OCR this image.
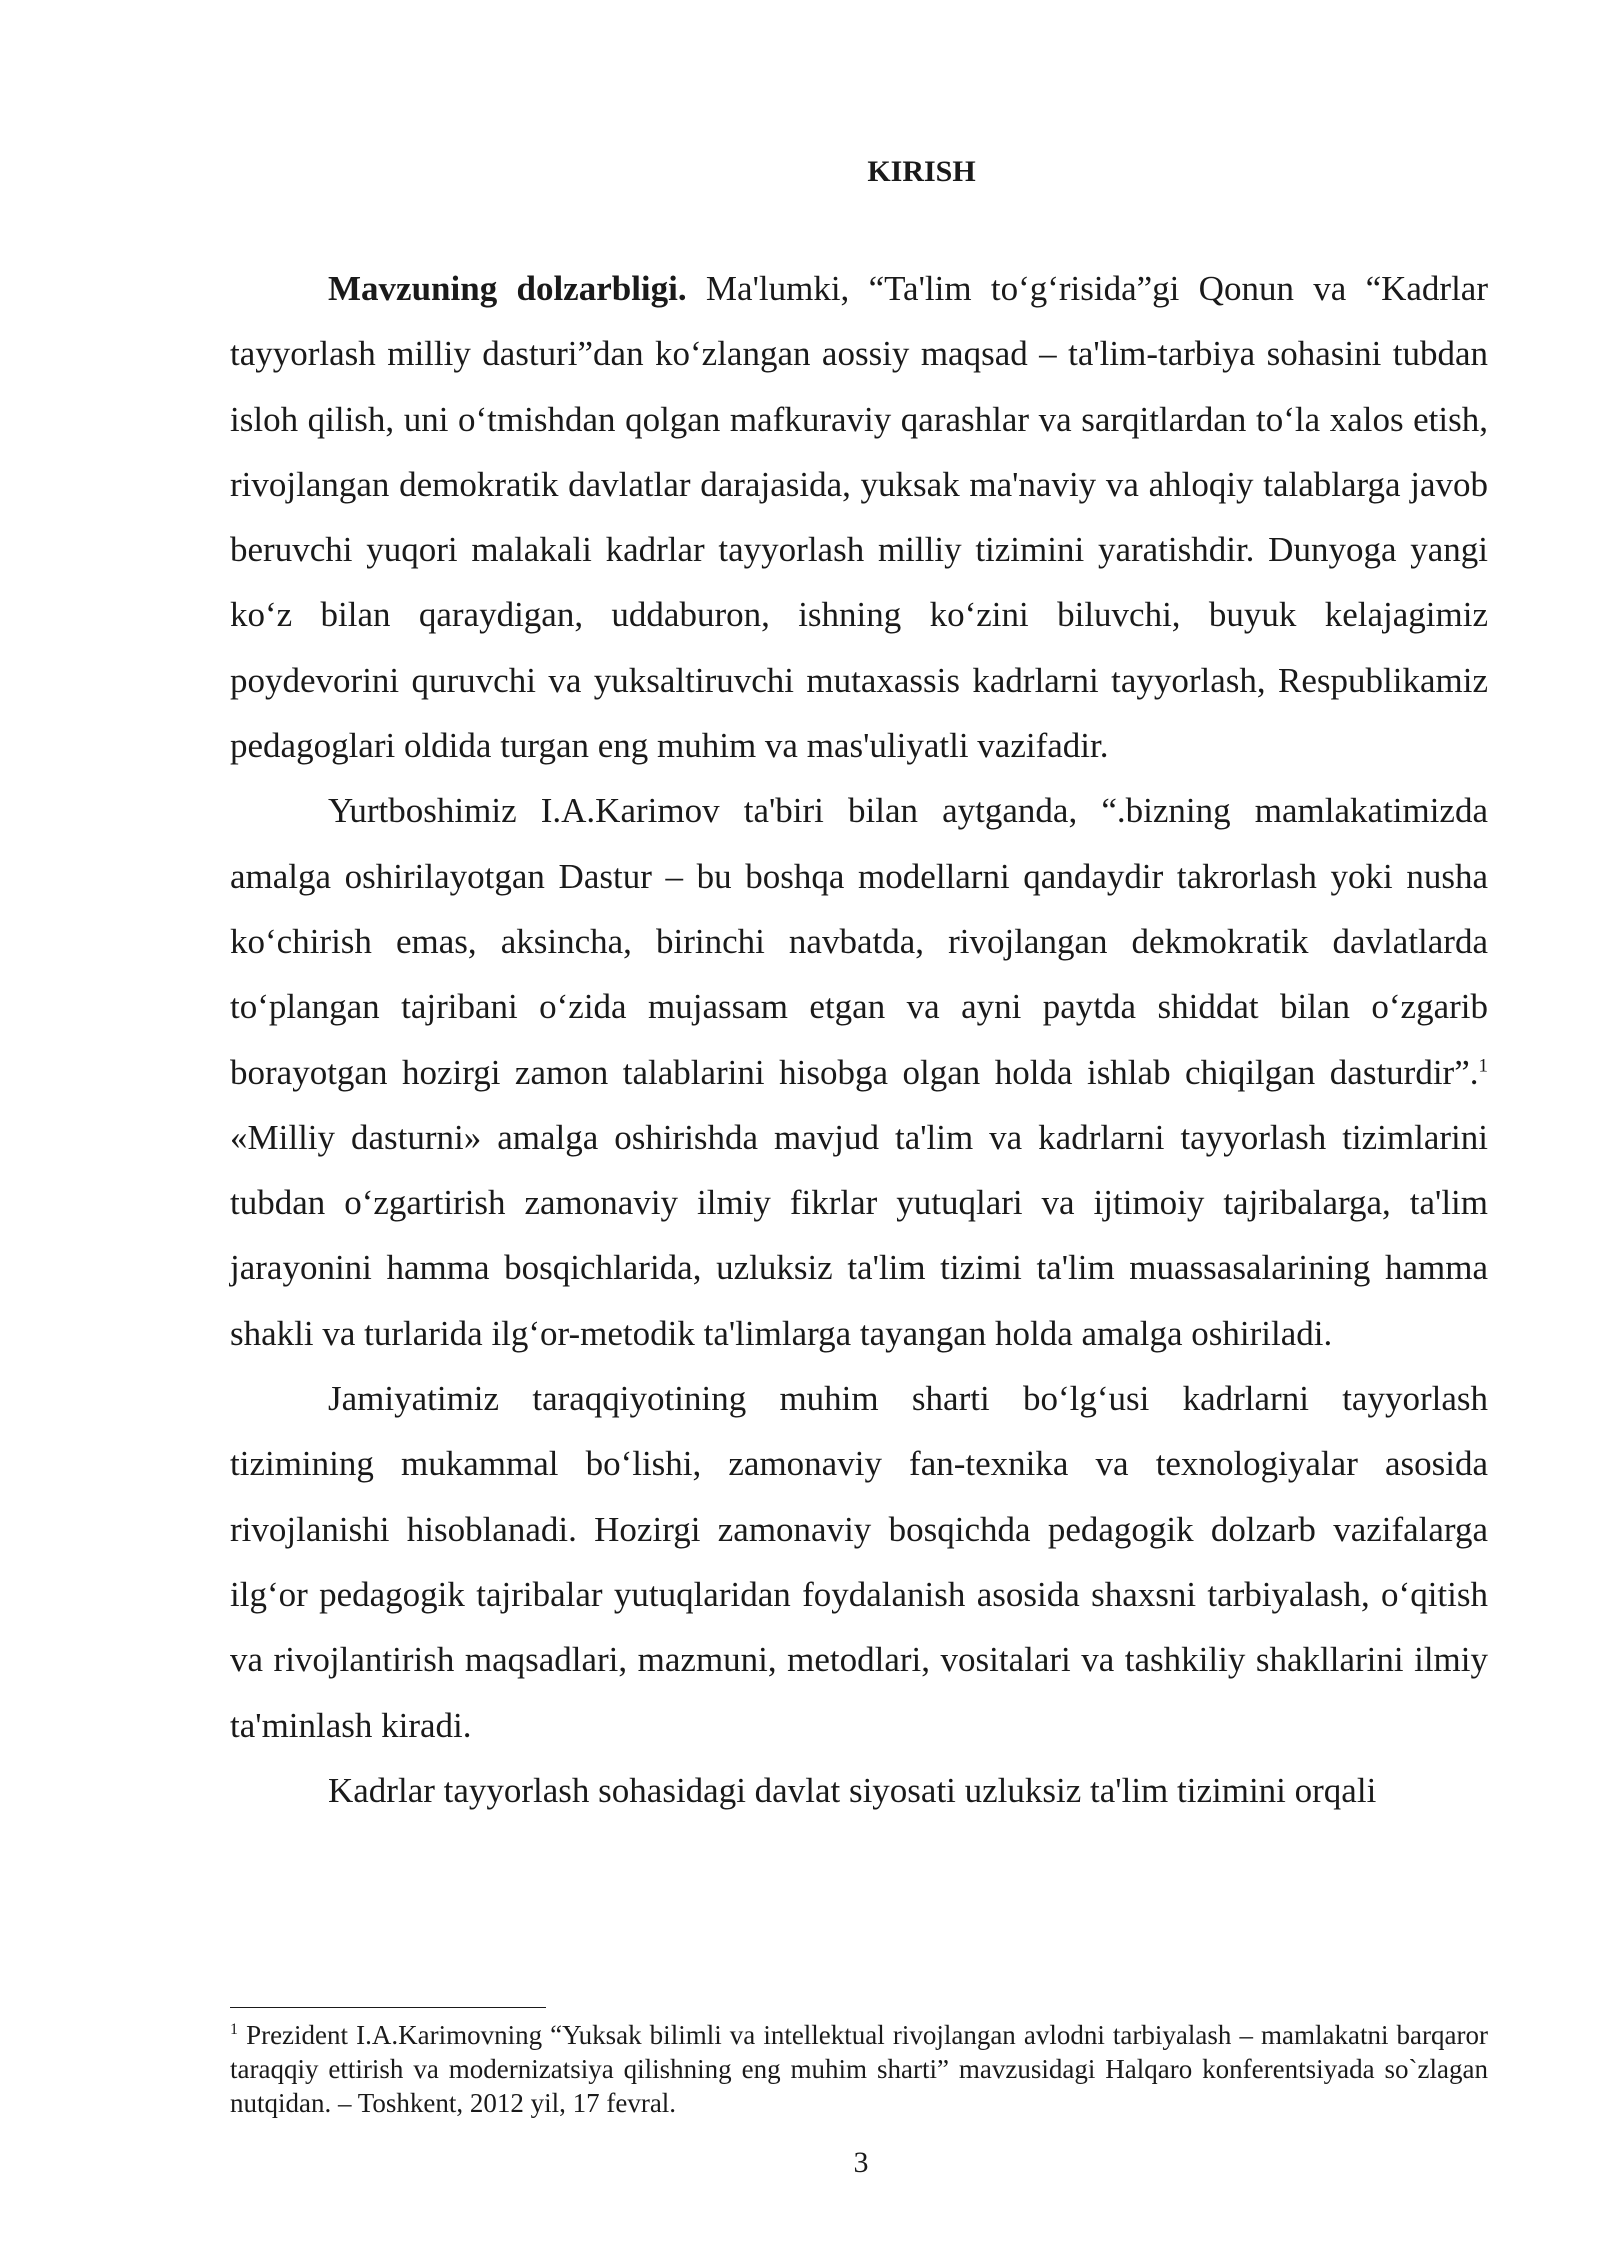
KIRISH

Mavzuning dolzarbligi. Ma'lumki, “Ta'lim to‘g‘risida”gi Qonun va “Kadrlar tayyorlash milliy dasturi”dan ko‘zlangan aossiy maqsad – ta'lim-tarbiya sohasini tubdan isloh qilish, uni o‘tmishdan qolgan mafkuraviy qarashlar va sarqitlardan to‘la xalos etish, rivojlangan demokratik davlatlar darajasida, yuksak ma'naviy va ahloqiy talablarga javob beruvchi yuqori malakali kadrlar tayyorlash milliy tizimini yaratishdir. Dunyoga yangi ko‘z bilan qaraydigan, uddaburon, ishning ko‘zini biluvchi, buyuk kelajagimiz poydevorini quruvchi va yuksaltiruvchi mutaxassis kadrlarni tayyorlash, Respublikamiz pedagoglari oldida turgan eng muhim va mas'uliyatli vazifadir.

Yurtboshimiz I.A.Karimov ta'biri bilan aytganda, “.bizning mamlakatimizda amalga oshirilayotgan Dastur – bu boshqa modellarni qandaydir takrorlash yoki nusha ko‘chirish emas, aksincha, birinchi navbatda, rivojlangan dekmokratik davlatlarda to‘plangan tajribani o‘zida mujassam etgan va ayni paytda shiddat bilan o‘zgarib borayotgan hozirgi zamon talablarini hisobga olgan holda ishlab chiqilgan dasturdir”.$^1$ «Milliy dasturni» amalga oshirishda mavjud ta'lim va kadrlarni tayyorlash tizimlarini tubdan o‘zgartirish zamonaviy ilmiy fikrlar yutuqlari va ijtimoiy tajribalarga, ta'lim jarayonini hamma bosqichlarida, uzluksiz ta'lim tizimi ta'lim muassasalarining hamma shakli va turlarida ilg‘or-metodik ta'limlarga tayangan holda amalga oshiriladi.

Jamiyatimiz taraqqiyotining muhim sharti bo‘lg‘usi kadrlarni tayyorlash tizimining mukammal bo‘lishi, zamonaviy fan-texnika va texnologiyalar asosida rivojlanishi hisoblanadi. Hozirgi zamonaviy bosqichda pedagogik dolzarb vazifalarga ilg‘or pedagogik tajribalar yutuqlaridan foydalanish asosida shaxsni tarbiyalash, o‘qitish va rivojlantirish maqsadlari, mazmuni, metodlari, vositalari va tashkiliy shakllarini ilmiy ta'minlash kiradi.

Kadrlar tayyorlash sohasidagi davlat siyosati uzluksiz ta'lim tizimini orqali

$^1$ Prezident I.A.Karimovning “Yuksak bilimli va intellektual rivojlangan avlodni tarbiyalash – mamlakatni barqaror taraqqiy ettirish va modernizatsiya qilishning eng muhim sharti” mavzusidagi Halqaro konferentsiyada so`zlagan nutqidan. – Toshkent, 2012 yil, 17 fevral.

3
